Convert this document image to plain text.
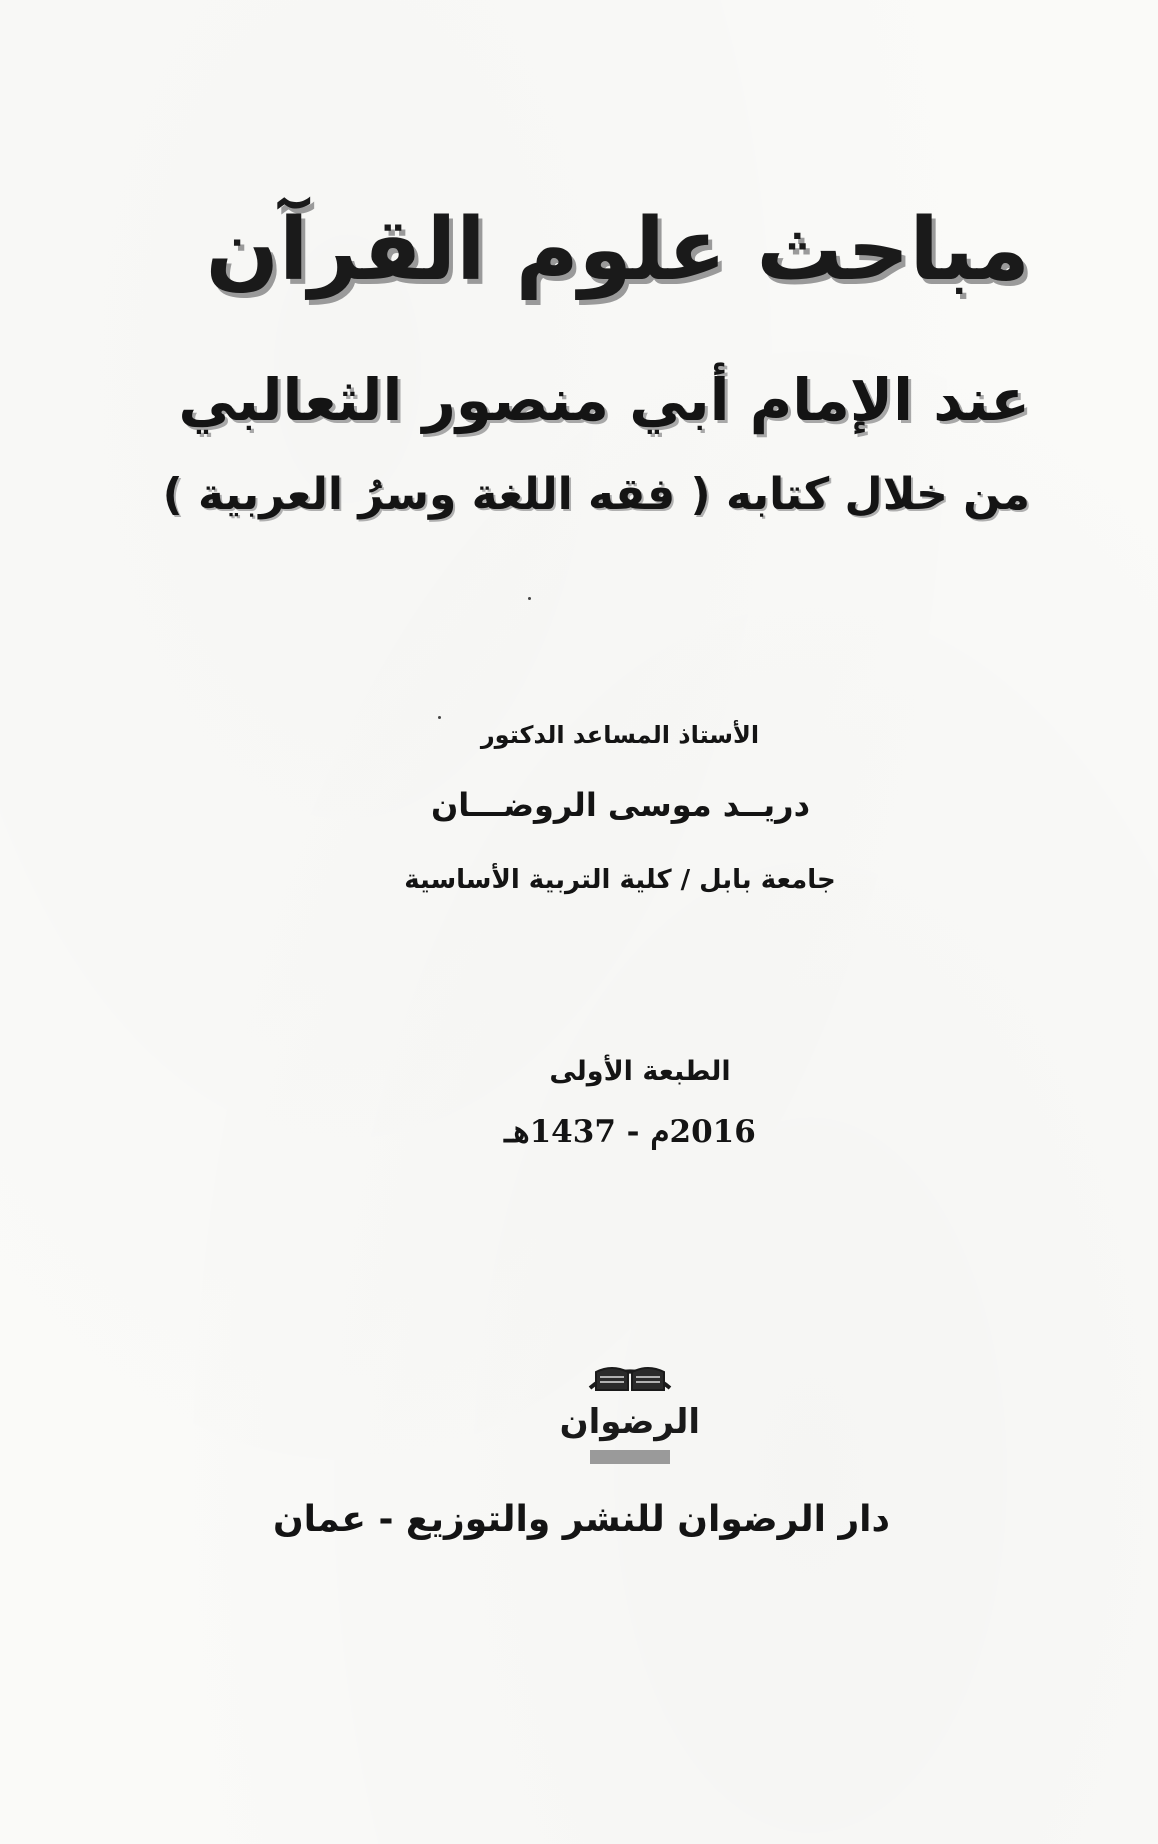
مباحث علوم القرآن
عند الإمام أبي منصور الثعالبي
من خلال كتابه ( فقه اللغة وسرُ العربية )
الأستاذ المساعد الدكتور
دريــد موسى الروضـــان
جامعة بابل / كلية التربية الأساسية
الطبعة الأولى
2016م - 1437هـ
الرضوان
دار الرضوان للنشر والتوزيع - عمان
